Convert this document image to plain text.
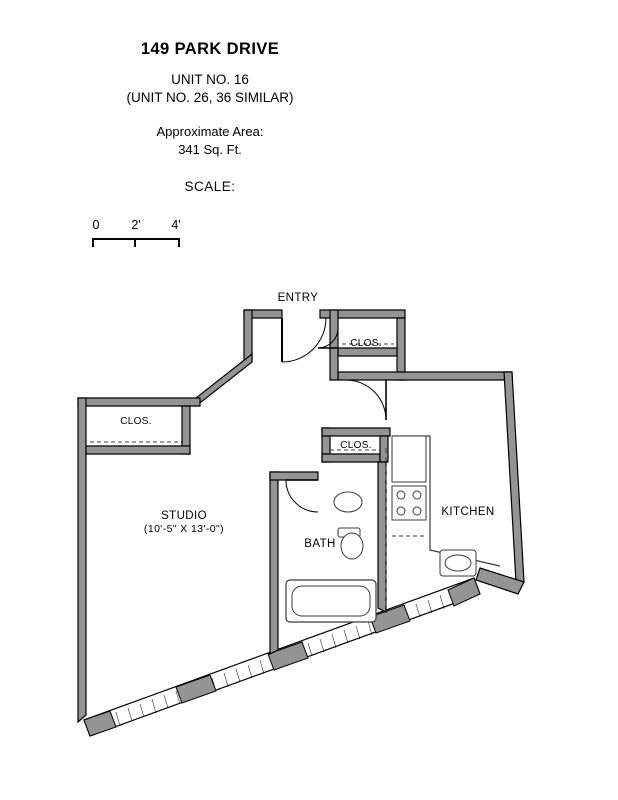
149 PARK DRIVE
UNIT NO. 16
(UNIT NO. 26, 36 SIMILAR)
Approximate Area:
341 Sq. Ft.
SCALE:
0	2' 4'
ENTRY
CLOS.
CLOS.
CLOS.
STUDIO
(10'-5" X 13'-0")
BATH
KITCHEN
